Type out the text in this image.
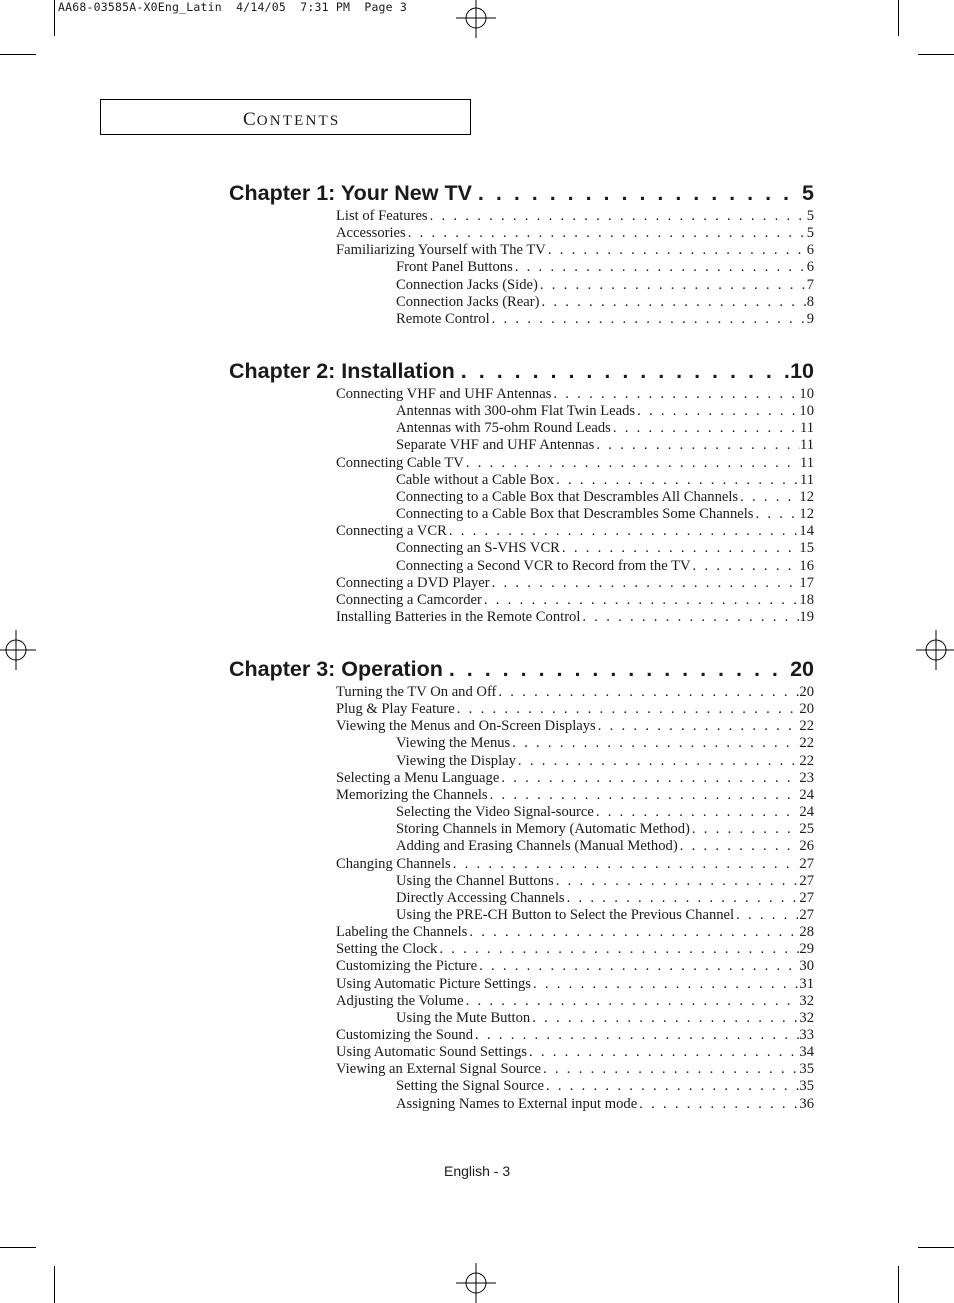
AA68-03585A-X0Eng_Latin  4/14/05  7:31 PM  Page 3
CONTENTS
Chapter 1: Your New TV . . .	5
List of Features . . .	5
Accessories . . .	5
Familiarizing Yourself with The TV . . .	6
Front Panel Buttons . . .	6
Connection Jacks (Side) . . .	7
Connection Jacks (Rear) . . .	8
Remote Control . . .	9
Chapter 2: Installation . . .	10
Connecting VHF and UHF Antennas . . .	10
Antennas with 300-ohm Flat Twin Leads . . .	10
Antennas with 75-ohm Round Leads . . .	11
Separate VHF and UHF Antennas . . .	11
Connecting Cable TV . . .	11
Cable without a Cable Box . . .	11
Connecting to a Cable Box that Descrambles All Channels . . .	12
Connecting to a Cable Box that Descrambles Some Channels . . .	12
Connecting a VCR . . .	14
Connecting an S-VHS VCR . . .	15
Connecting a Second VCR to Record from the TV . . .	16
Connecting a DVD Player . . .	17
Connecting a Camcorder . . .	18
Installing Batteries in the Remote Control . . .	19
Chapter 3: Operation . . .	20
Turning the TV On and Off . . .	20
Plug & Play Feature . . .	20
Viewing the Menus and On-Screen Displays . . .	22
Viewing the Menus . . .	22
Viewing the Display . . .	22
Selecting a Menu Language . . .	23
Memorizing the Channels . . .	24
Selecting the Video Signal-source . . .	24
Storing Channels in Memory (Automatic Method) . . .	25
Adding and Erasing Channels (Manual Method) . . .	26
Changing Channels . . .	27
Using the Channel Buttons . . .	27
Directly Accessing Channels . . .	27
Using the PRE-CH Button to Select the Previous Channel . . .	27
Labeling the Channels . . .	28
Setting the Clock . . .	29
Customizing the Picture . . .	30
Using Automatic Picture Settings . . .	31
Adjusting the Volume . . .	32
Using the Mute Button . . .	32
Customizing the Sound . . .	33
Using Automatic Sound Settings . . .	34
Viewing an External Signal Source . . .	35
Setting the Signal Source . . .	35
Assigning Names to External input mode . . .	36
English - 3
